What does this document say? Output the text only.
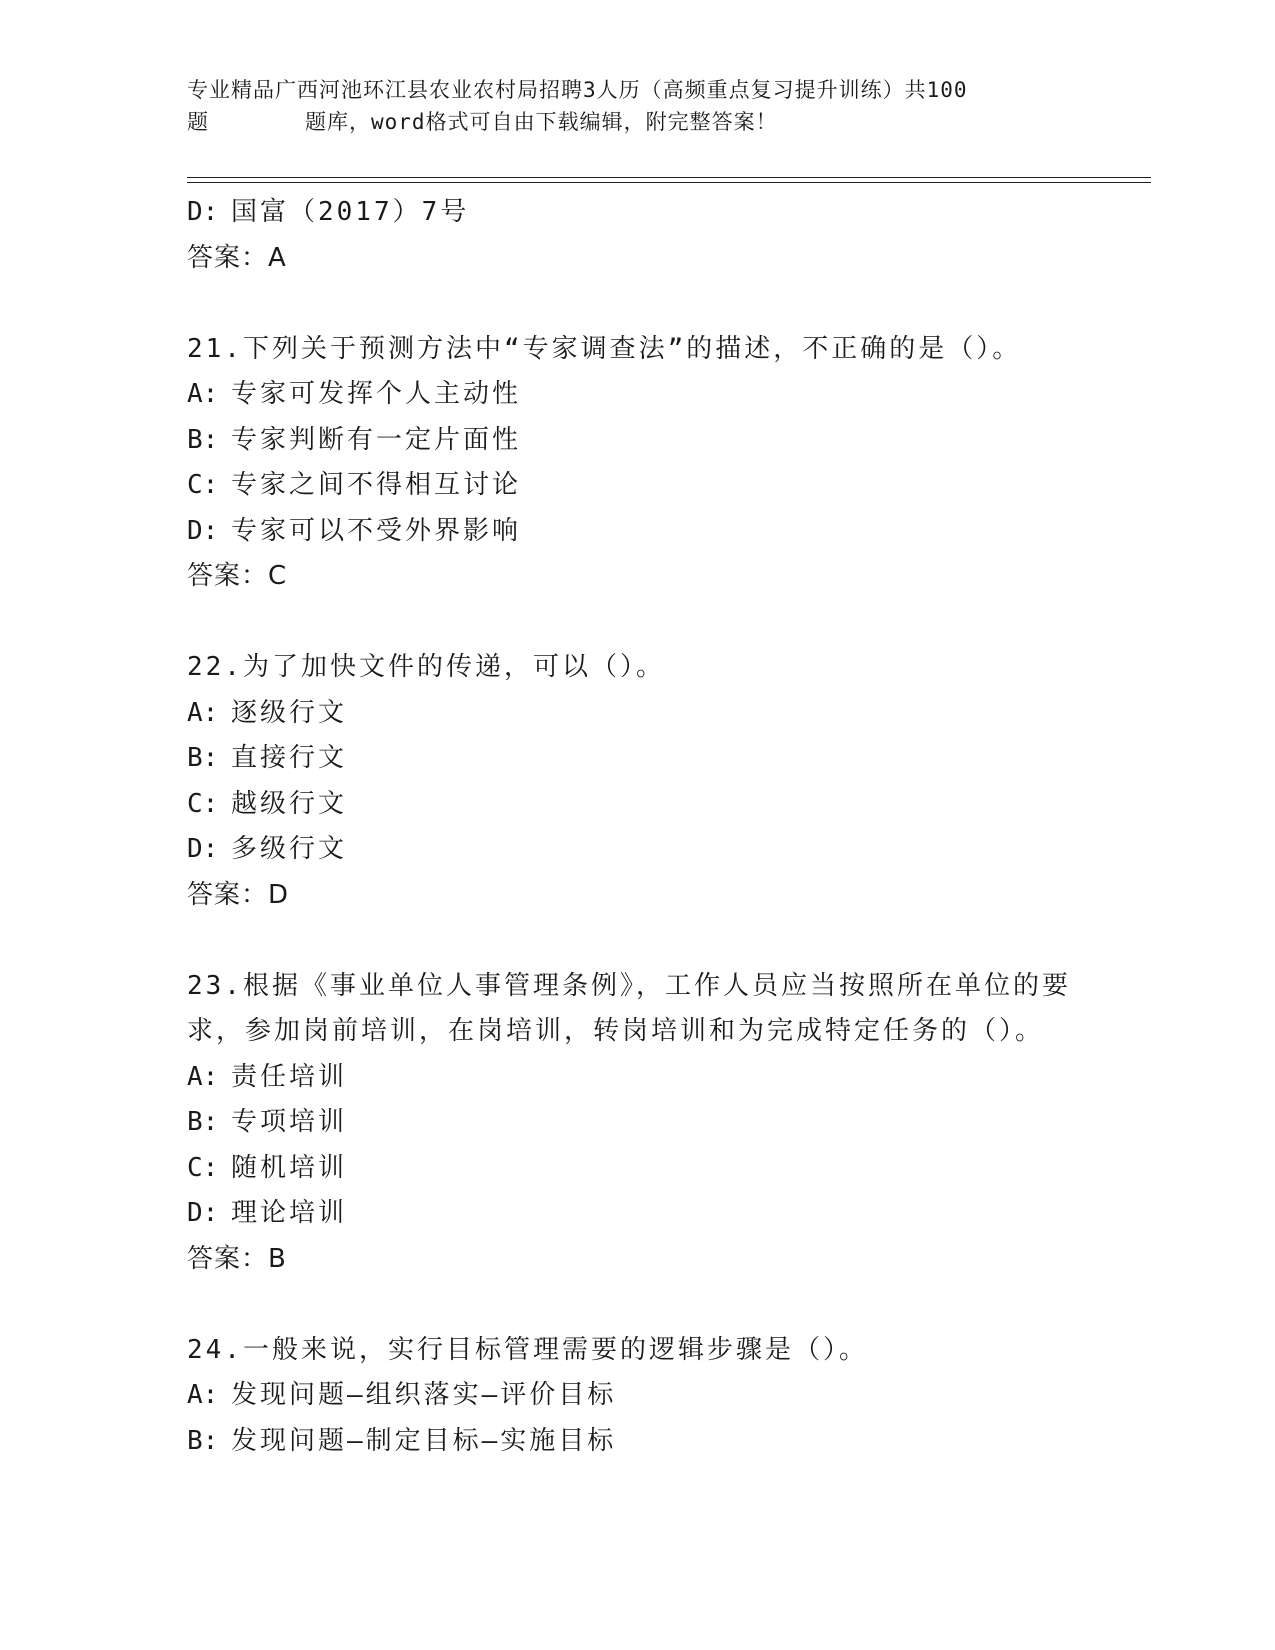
专业精品广西河池环江县农业农村局招聘3人历（高频重点复习提升训练）共100
题	题库，word格式可自由下载编辑，附完整答案！
D: 国富（2017）7号
答案：A
21.下列关于预测方法中“专家调查法”的描述，不正确的是（）。
A: 专家可发挥个人主动性
B: 专家判断有一定片面性
C: 专家之间不得相互讨论
D: 专家可以不受外界影响
答案：C
22.为了加快文件的传递，可以（）。
A: 逐级行文
B: 直接行文
C: 越级行文
D: 多级行文
答案：D
23.根据《事业单位人事管理条例》，工作人员应当按照所在单位的要
求，参加岗前培训，在岗培训，转岗培训和为完成特定任务的（）。
A: 责任培训
B: 专项培训
C: 随机培训
D: 理论培训
答案：B
24.一般来说，实行目标管理需要的逻辑步骤是（）。
A: 发现问题—组织落实—评价目标
B: 发现问题—制定目标—实施目标
